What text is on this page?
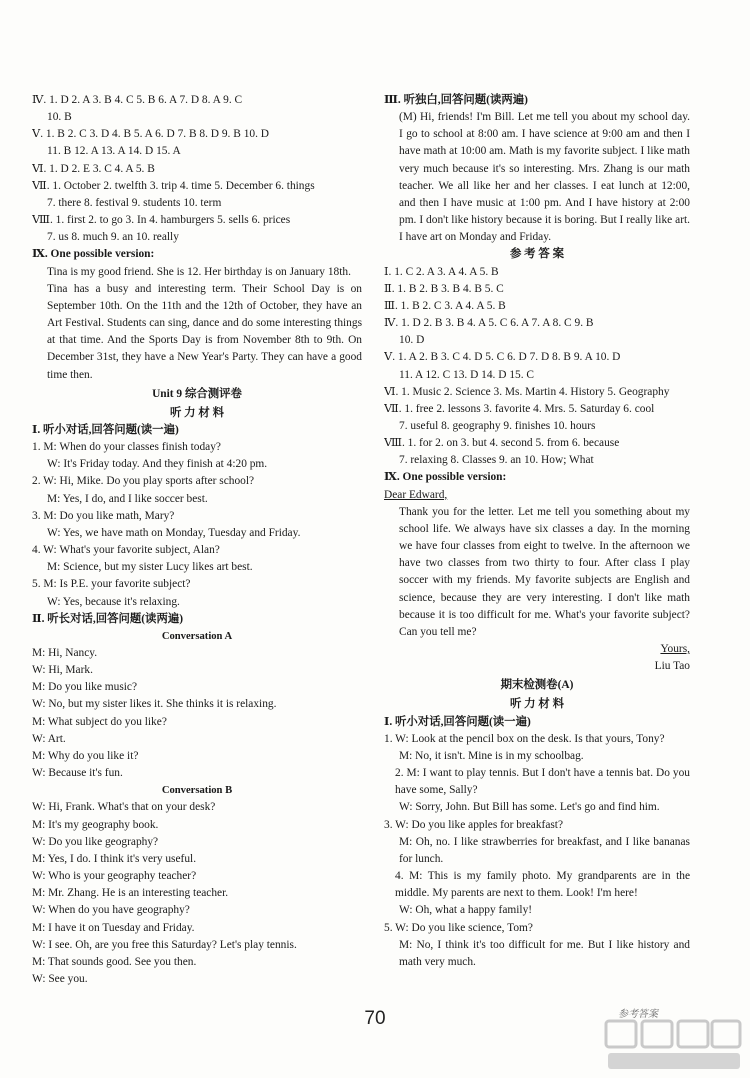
Ⅳ. 1. D 2. A 3. B 4. C 5. B 6. A 7. D 8. A 9. C
10. B
Ⅴ. 1. B 2. C 3. D 4. B 5. A 6. D 7. B 8. D 9. B 10. D
11. B 12. A 13. A 14. D 15. A
Ⅵ. 1. D 2. E 3. C 4. A 5. B
Ⅶ. 1. October 2. twelfth 3. trip 4. time 5. December 6. things
7. there 8. festival 9. students 10. term
Ⅷ. 1. first 2. to go 3. In 4. hamburgers 5. sells 6. prices
7. us 8. much 9. an 10. really
Ⅸ. One possible version:
Tina is my good friend. She is 12. Her birthday is on January 18th.
Tina has a busy and interesting term. Their School Day is on September 10th. On the 11th and the 12th of October, they have an Art Festival. Students can sing, dance and do some interesting things at that time. And the Sports Day is from November 8th to 9th. On December 31st, they have a New Year's Party. They can have a good time then.
Unit 9 综合测评卷
听 力 材 料
Ⅰ. 听小对话,回答问题(读一遍)
1. M: When do your classes finish today?
W: It's Friday today. And they finish at 4:20 pm.
2. W: Hi, Mike. Do you play sports after school?
M: Yes, I do, and I like soccer best.
3. M: Do you like math, Mary?
W: Yes, we have math on Monday, Tuesday and Friday.
4. W: What's your favorite subject, Alan?
M: Science, but my sister Lucy likes art best.
5. M: Is P.E. your favorite subject?
W: Yes, because it's relaxing.
Ⅱ. 听长对话,回答问题(读两遍)
Conversation A
M: Hi, Nancy.
W: Hi, Mark.
M: Do you like music?
W: No, but my sister likes it. She thinks it is relaxing.
M: What subject do you like?
W: Art.
M: Why do you like it?
W: Because it's fun.
Conversation B
W: Hi, Frank. What's that on your desk?
M: It's my geography book.
W: Do you like geography?
M: Yes, I do. I think it's very useful.
W: Who is your geography teacher?
M: Mr. Zhang. He is an interesting teacher.
W: When do you have geography?
M: I have it on Tuesday and Friday.
W: I see. Oh, are you free this Saturday? Let's play tennis.
M: That sounds good. See you then.
W: See you.
Ⅲ. 听独白,回答问题(读两遍)
(M) Hi, friends! I'm Bill. Let me tell you about my school day. I go to school at 8:00 am. I have science at 9:00 am and then I have math at 10:00 am. Math is my favorite subject. I like math very much because it's so interesting. Mrs. Zhang is our math teacher. We all like her and her classes. I eat lunch at 12:00, and then I have music at 1:00 pm. And I have history at 2:00 pm. I don't like history because it is boring. But I really like art. I have art on Monday and Friday.
参 考 答 案
Ⅰ. 1. C 2. A 3. A 4. A 5. B
Ⅱ. 1. B 2. B 3. B 4. B 5. C
Ⅲ. 1. B 2. C 3. A 4. A 5. B
Ⅳ. 1. D 2. B 3. B 4. A 5. C 6. A 7. A 8. C 9. B
10. D
Ⅴ. 1. A 2. B 3. C 4. D 5. C 6. D 7. D 8. B 9. A 10. D
11. A 12. C 13. D 14. D 15. C
Ⅵ. 1. Music 2. Science 3. Ms. Martin 4. History 5. Geography
Ⅶ. 1. free 2. lessons 3. favorite 4. Mrs. 5. Saturday 6. cool
7. useful 8. geography 9. finishes 10. hours
Ⅷ. 1. for 2. on 3. but 4. second 5. from 6. because
7. relaxing 8. Classes 9. an 10. How; What
Ⅸ. One possible version:
Dear Edward,
Thank you for the letter. Let me tell you something about my school life. We always have six classes a day. In the morning we have four classes from eight to twelve. In the afternoon we have two classes from two thirty to four. After class I play soccer with my friends. My favorite subjects are English and science, because they are very interesting. I don't like math because it is too difficult for me. What's your favorite subject? Can you tell me?
Yours,
Liu Tao
期末检测卷(A)
听 力 材 料
Ⅰ. 听小对话,回答问题(读一遍)
1. W: Look at the pencil box on the desk. Is that yours, Tony?
M: No, it isn't. Mine is in my schoolbag.
2. M: I want to play tennis. But I don't have a tennis bat. Do you have some, Sally?
W: Sorry, John. But Bill has some. Let's go and find him.
3. W: Do you like apples for breakfast?
M: Oh, no. I like strawberries for breakfast, and I like bananas for lunch.
4. M: This is my family photo. My grandparents are in the middle. My parents are next to them. Look! I'm here!
W: Oh, what a happy family!
5. W: Do you like science, Tom?
M: No, I think it's too difficult for me. But I like history and math very much.
70	参考答案
